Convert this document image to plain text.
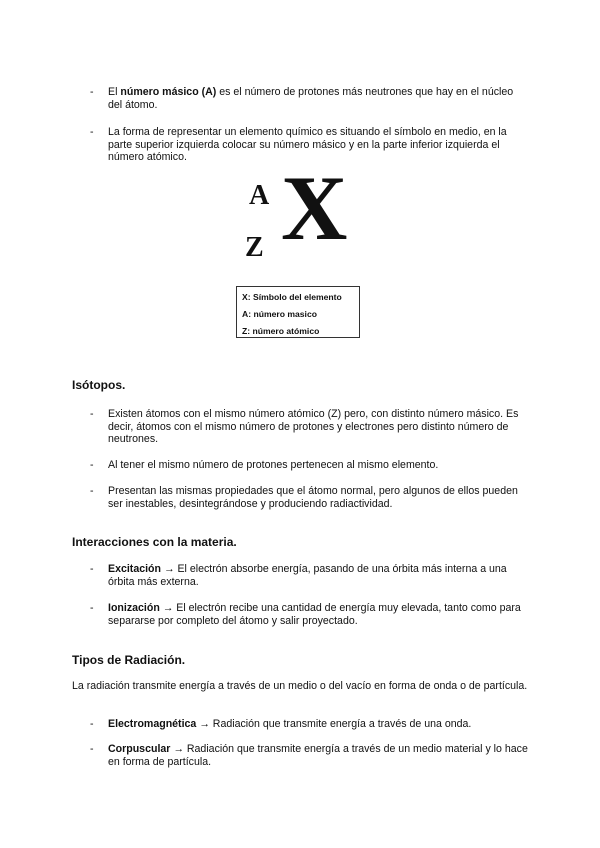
- El número másico (A) es el número de protones más neutrones que hay en el núcleo del átomo.
- La forma de representar un elemento químico es situando el símbolo en medio, en la parte superior izquierda colocar su número másico y en la parte inferior izquierda el número atómico.
A
Z X
X: Símbolo del elemento
A: número masico
Z: número atómico
Isótopos.
- Existen átomos con el mismo número atómico (Z) pero, con distinto número másico. Es decir, átomos con el mismo número de protones y electrones pero distinto número de neutrones.
- Al tener el mismo número de protones pertenecen al mismo elemento.
- Presentan las mismas propiedades que el átomo normal, pero algunos de ellos pueden ser inestables, desintegrándose y produciendo radiactividad.
Interacciones con la materia.
- Excitación → El electrón absorbe energía, pasando de una órbita más interna a una órbita más externa.
- Ionización → El electrón recibe una cantidad de energía muy elevada, tanto como para separarse por completo del átomo y salir proyectado.
Tipos de Radiación.
La radiación transmite energía a través de un medio o del vacío en forma de onda o de partícula.
- Electromagnética → Radiación que transmite energía a través de una onda.
- Corpuscular → Radiación que transmite energía a través de un medio material y lo hace en forma de partícula.
